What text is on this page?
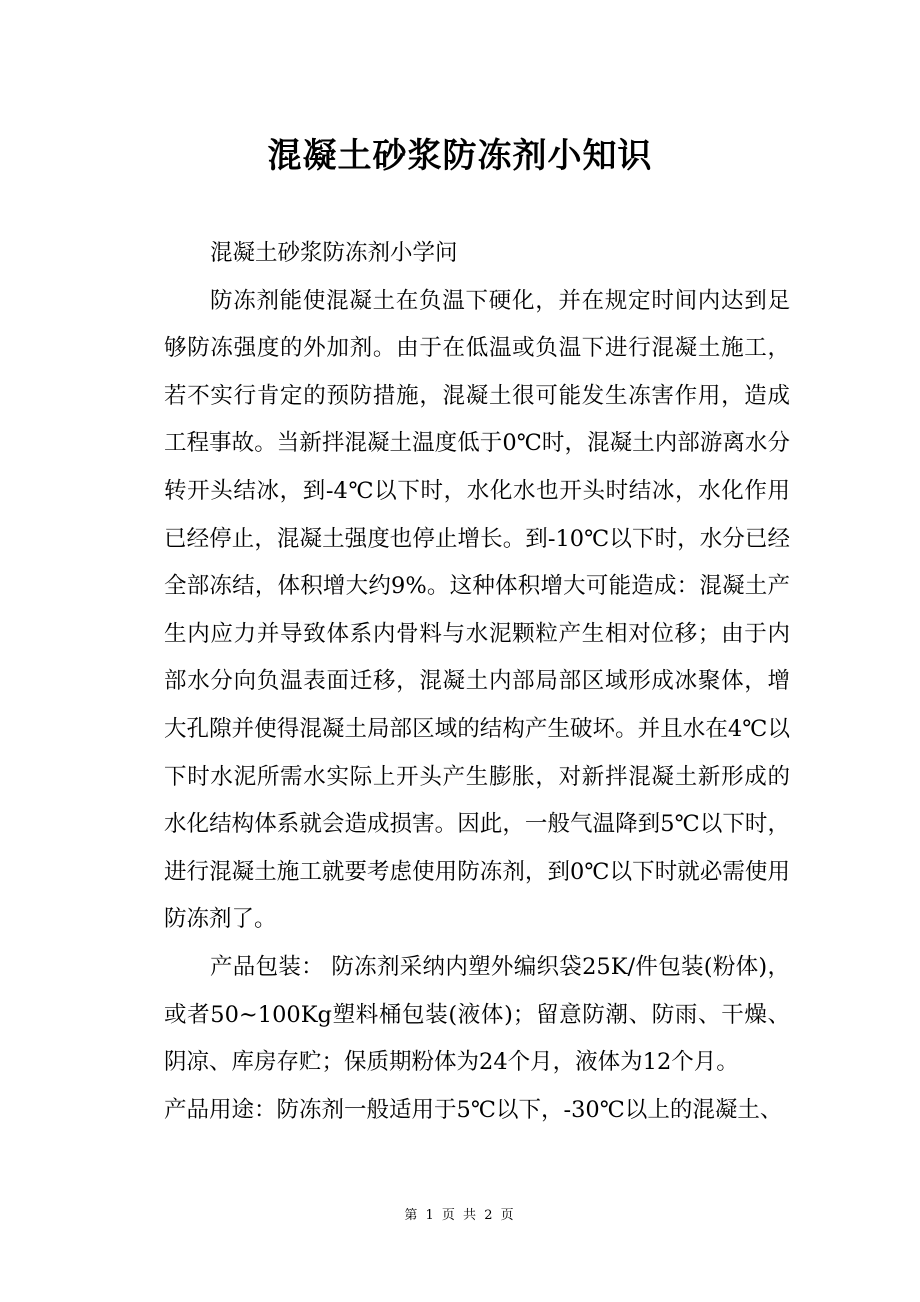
混凝土砂浆防冻剂小知识

混凝土砂浆防冻剂小学问

防冻剂能使混凝土在负温下硬化，并在规定时间内达到足够防冻强度的外加剂。由于在低温或负温下进行混凝土施工，若不实行肯定的预防措施，混凝土很可能发生冻害作用，造成工程事故。当新拌混凝土温度低于0℃时，混凝土内部游离水分转开头结冰，到-4℃以下时，水化水也开头时结冰，水化作用已经停止，混凝土强度也停止增长。到-10℃以下时，水分已经全部冻结，体积增大约9%。这种体积增大可能造成：混凝土产生内应力并导致体系内骨料与水泥颗粒产生相对位移；由于内部水分向负温表面迁移，混凝土内部局部区域形成冰聚体，增大孔隙并使得混凝土局部区域的结构产生破坏。并且水在4℃以下时水泥所需水实际上开头产生膨胀，对新拌混凝土新形成的水化结构体系就会造成损害。因此，一般气温降到5℃以下时，进行混凝土施工就要考虑使用防冻剂，到0℃以下时就必需使用防冻剂了。

产品包装： 防冻剂采纳内塑外编织袋25K/件包装(粉体)，或者50~100Kg塑料桶包装(液体)；留意防潮、防雨、干燥、阴凉、库房存贮；保质期粉体为24个月，液体为12个月。

产品用途：防冻剂一般适用于5℃以下，-30℃以上的混凝土、

第 1 页 共 2 页
